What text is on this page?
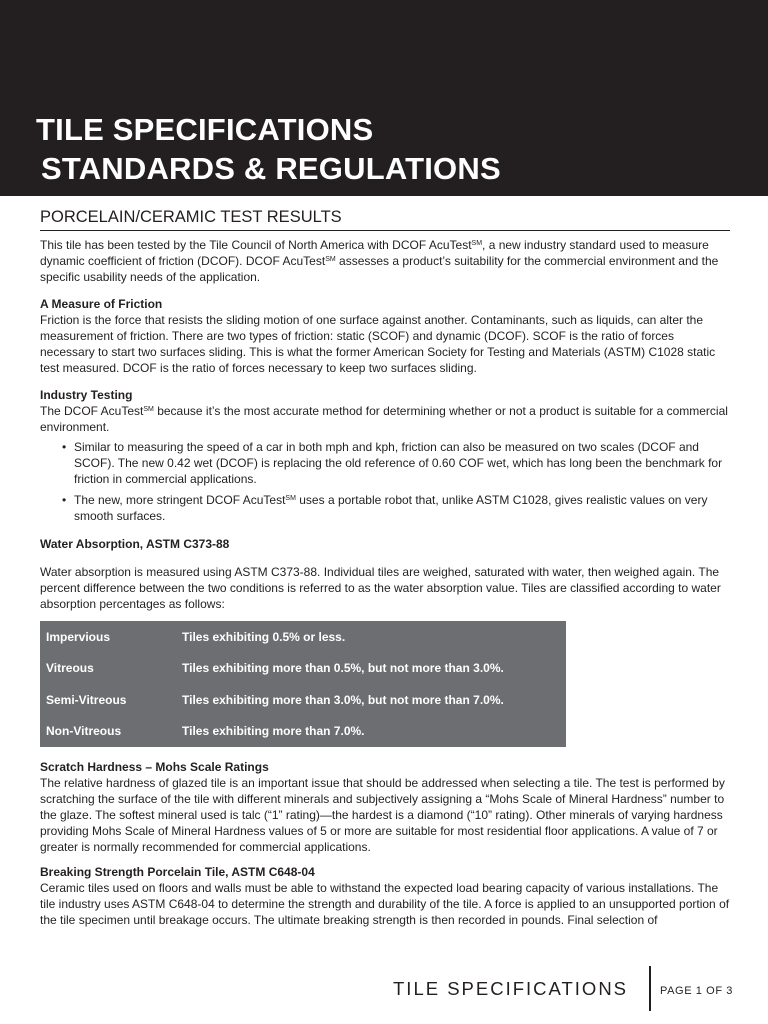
TILE SPECIFICATIONS
STANDARDS & REGULATIONS
PORCELAIN/CERAMIC TEST RESULTS

This tile has been tested by the Tile Council of North America with DCOF AcuTest℠, a new industry standard used to measure dynamic coefficient of friction (DCOF). DCOF AcuTest℠ assesses a product’s suitability for the commercial environment and the specific usability needs of the application.

A Measure of Friction

Friction is the force that resists the sliding motion of one surface against another. Contaminants, such as liquids, can alter the measurement of friction. There are two types of friction: static (SCOF) and dynamic (DCOF). SCOF is the ratio of forces necessary to start two surfaces sliding. This is what the former American Society for Testing and Materials (ASTM) C1028 static test measured. DCOF is the ratio of forces necessary to keep two surfaces sliding.

Industry Testing

The DCOF AcuTest℠ because it’s the most accurate method for determining whether or not a product is suitable for a commercial environment.

• Similar to measuring the speed of a car in both mph and kph, friction can also be measured on two scales (DCOF and SCOF). The new 0.42 wet (DCOF) is replacing the old reference of 0.60 COF wet, which has long been the benchmark for friction in commercial applications.
• The new, more stringent DCOF AcuTest℠ uses a portable robot that, unlike ASTM C1028, gives realistic values on very smooth surfaces.
Water Absorption, ASTM C373-88

Water absorption is measured using ASTM C373-88. Individual tiles are weighed, saturated with water, then weighed again. The percent difference between the two conditions is referred to as the water absorption value. Tiles are classified according to water absorption percentages as follows:

Impervious	Tiles exhibiting 0.5% or less.
Vitreous	Tiles exhibiting more than 0.5%, but not more than 3.0%.
Semi-Vitreous	Tiles exhibiting more than 3.0%, but not more than 7.0%.
Non-Vitreous	Tiles exhibiting more than 7.0%.
Scratch Hardness – Mohs Scale Ratings

The relative hardness of glazed tile is an important issue that should be addressed when selecting a tile. The test is performed by scratching the surface of the tile with different minerals and subjectively assigning a “Mohs Scale of Mineral Hardness” number to the glaze. The softest mineral used is talc (“1” rating)—the hardest is a diamond (“10” rating). Other minerals of varying hardness providing Mohs Scale of Mineral Hardness values of 5 or more are suitable for most residential floor applications. A value of 7 or greater is normally recommended for commercial applications.

Breaking Strength Porcelain Tile, ASTM C648-04

Ceramic tiles used on floors and walls must be able to withstand the expected load bearing capacity of various installations. The tile industry uses ASTM C648-04 to determine the strength and durability of the tile. A force is applied to an unsupported portion of the tile specimen until breakage occurs. The ultimate breaking strength is then recorded in pounds. Final selection of

TILE SPECIFICATIONS	PAGE 1 OF 3
